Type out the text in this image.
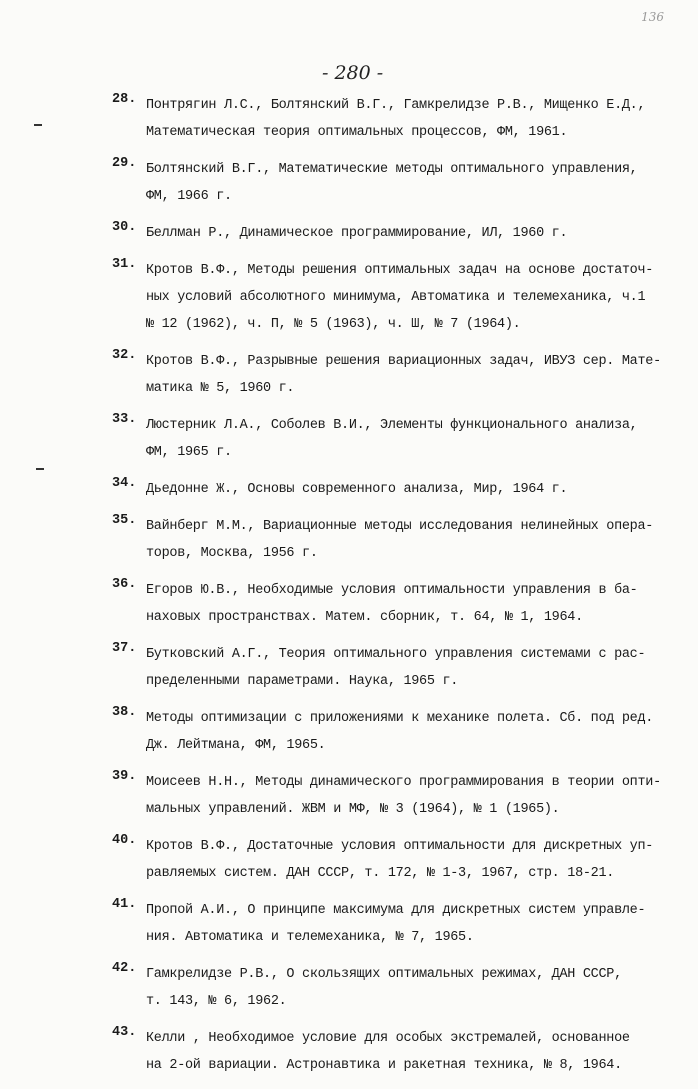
136
- 280 -
28. Понтрягин Л.С., Болтянский В.Г., Гамкрелидзе Р.В., Мищенко Е.Д.,
Математическая теория оптимальных процессов, ФМ, 1961.
29. Болтянский В.Г., Математические методы оптимального управления,
ФМ, 1966 г.
30. Беллман Р., Динамическое программирование, ИЛ, 1960 г.
31. Кротов В.Ф., Методы решения оптимальных задач на основе достаточ-
ных условий абсолютного минимума, Автоматика и телемеханика, ч.1
№ 12 (1962), ч. П, № 5 (1963), ч. Ш, № 7 (1964).
32. Кротов В.Ф., Разрывные решения вариационных задач, ИВУЗ сер. Мате-
матика № 5, 1960 г.
33. Люстерник Л.А., Соболев В.И., Элементы функционального анализа,
ФМ, 1965 г.
34. Дьедонне Ж., Основы современного анализа, Мир, 1964 г.
35. Вайнберг М.М., Вариационные методы исследования нелинейных опера-
торов, Москва, 1956 г.
36. Егоров Ю.В., Необходимые условия оптимальности управления в ба-
наховых пространствах. Матем. сборник, т. 64, № 1, 1964.
37. Бутковский А.Г., Теория оптимального управления системами с рас-
пределенными параметрами. Наука, 1965 г.
38. Методы оптимизации с приложениями к механике полета. Сб. под ред.
Дж. Лейтмана, ФМ, 1965.
39. Моисеев Н.Н., Методы динамического программирования в теории опти-
мальных управлений. ЖВМ и МФ, № 3 (1964), № 1 (1965).
40. Кротов В.Ф., Достаточные условия оптимальности для дискретных уп-
равляемых систем. ДАН СССР, т. 172, № 1-3, 1967, стр. 18-21.
41. Пропой А.И., О принципе максимума для дискретных систем управле-
ния. Автоматика и телемеханика, № 7, 1965.
42. Гамкрелидзе Р.В., О скользящих оптимальных режимах, ДАН СССР,
т. 143, № 6, 1962.
43. Келли , Необходимое условие для особых экстремалей, основанное
на 2-ой вариации. Астронавтика и ракетная техника, № 8, 1964.
